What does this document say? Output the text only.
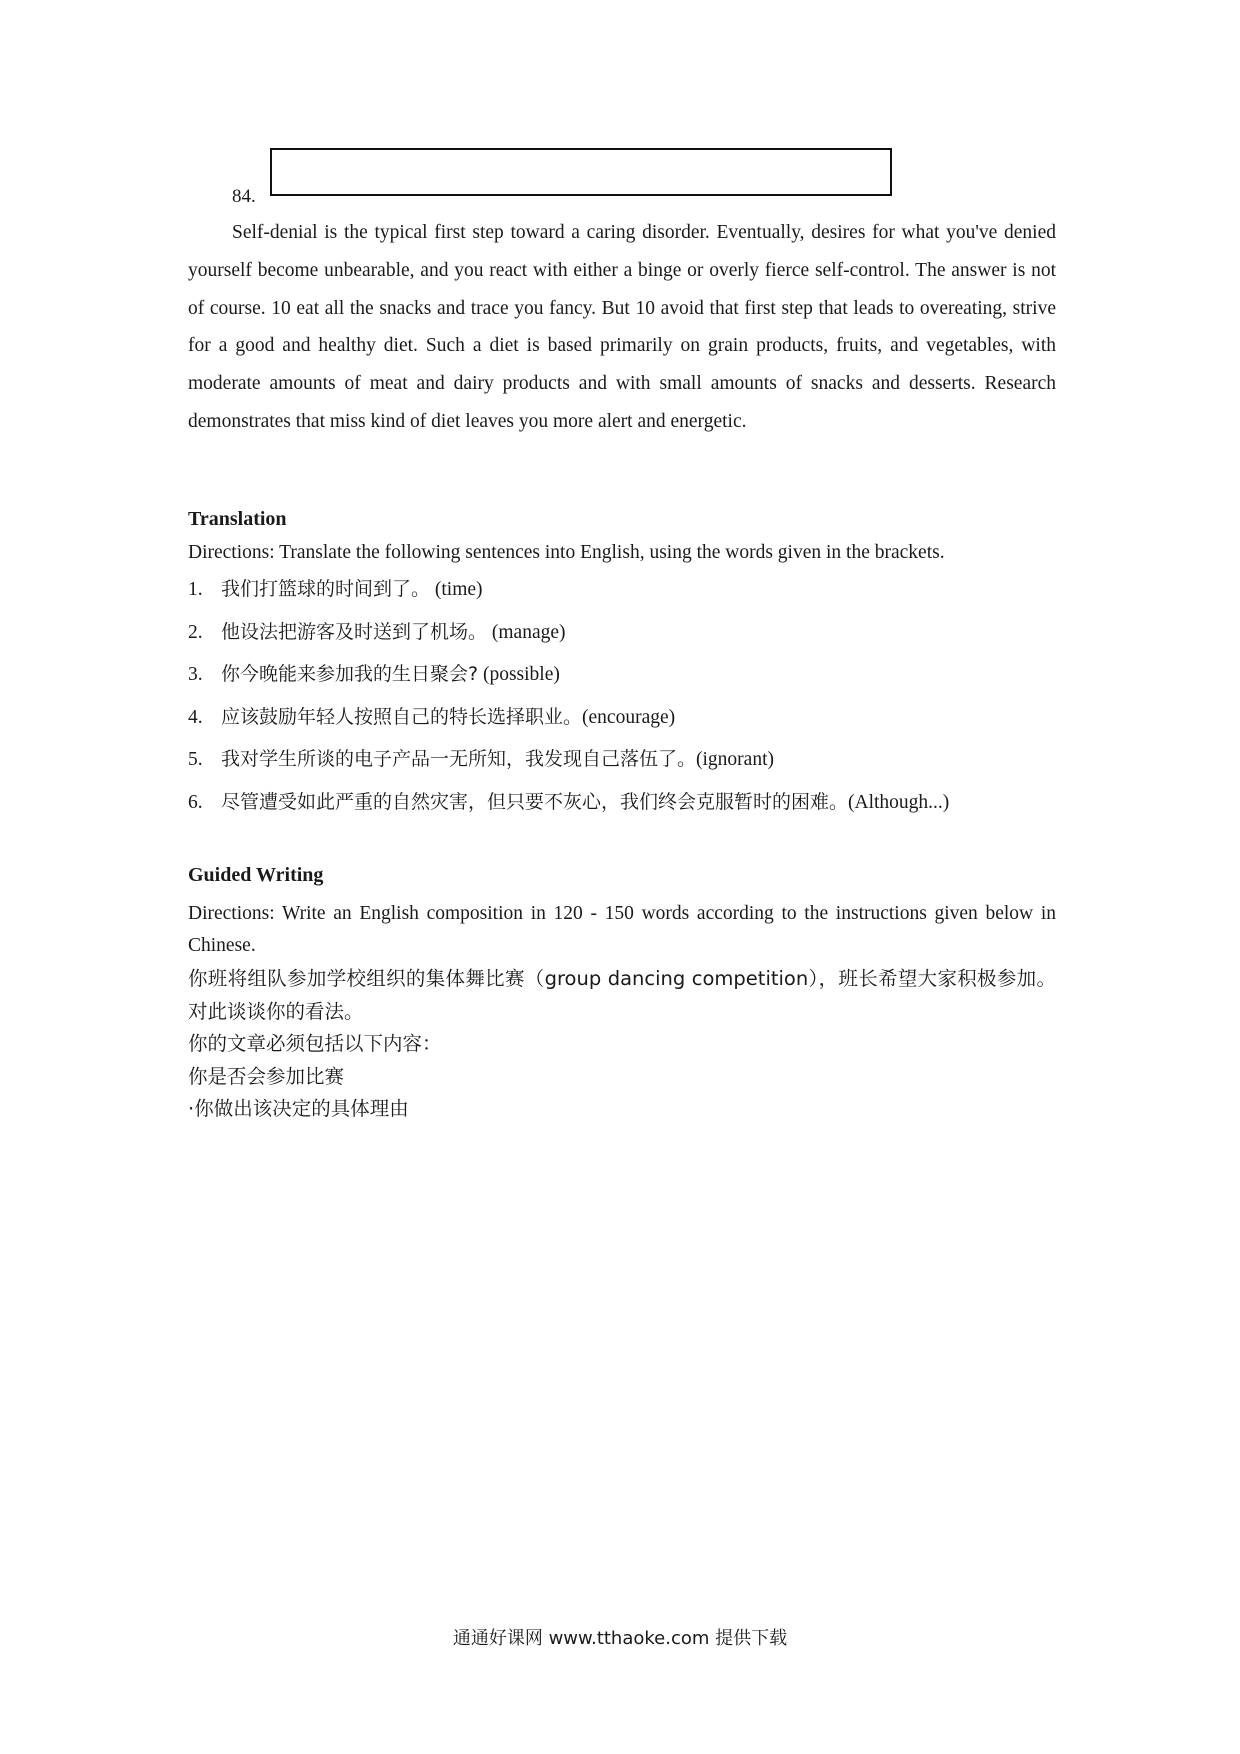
84.

Self-denial is the typical first step toward a caring disorder. Eventually, desires for what you've denied yourself become unbearable, and you react with either a binge or overly fierce self-control. The answer is not of course. 10 eat all the snacks and trace you fancy. But 10 avoid that first step that leads to overeating, strive for a good and healthy diet. Such a diet is based primarily on grain products, fruits, and vegetables, with moderate amounts of meat and dairy products and with small amounts of snacks and desserts. Research demonstrates that miss kind of diet leaves you more alert and energetic.

Translation

Directions: Translate the following sentences into English, using the words given in the brackets.

1. 我们打篮球的时间到了。 (time)
2. 他设法把游客及时送到了机场。 (manage)
3. 你今晚能来参加我的生日聚会? (possible)
4. 应该鼓励年轻人按照自己的特长选择职业。(encourage)
5. 我对学生所谈的电子产品一无所知，我发现自己落伍了。(ignorant)
6. 尽管遭受如此严重的自然灾害，但只要不灰心，我们终会克服暂时的困难。(Although...)
Guided Writing

Directions: Write an English composition in 120 - 150 words according to the instructions given below in Chinese.

你班将组队参加学校组织的集体舞比赛（group dancing competition），班长希望大家积极参加。对此谈谈你的看法。

你的文章必须包括以下内容：

你是否会参加比赛

·你做出该决定的具体理由

通通好课网 www.tthaoke.com 提供下载
